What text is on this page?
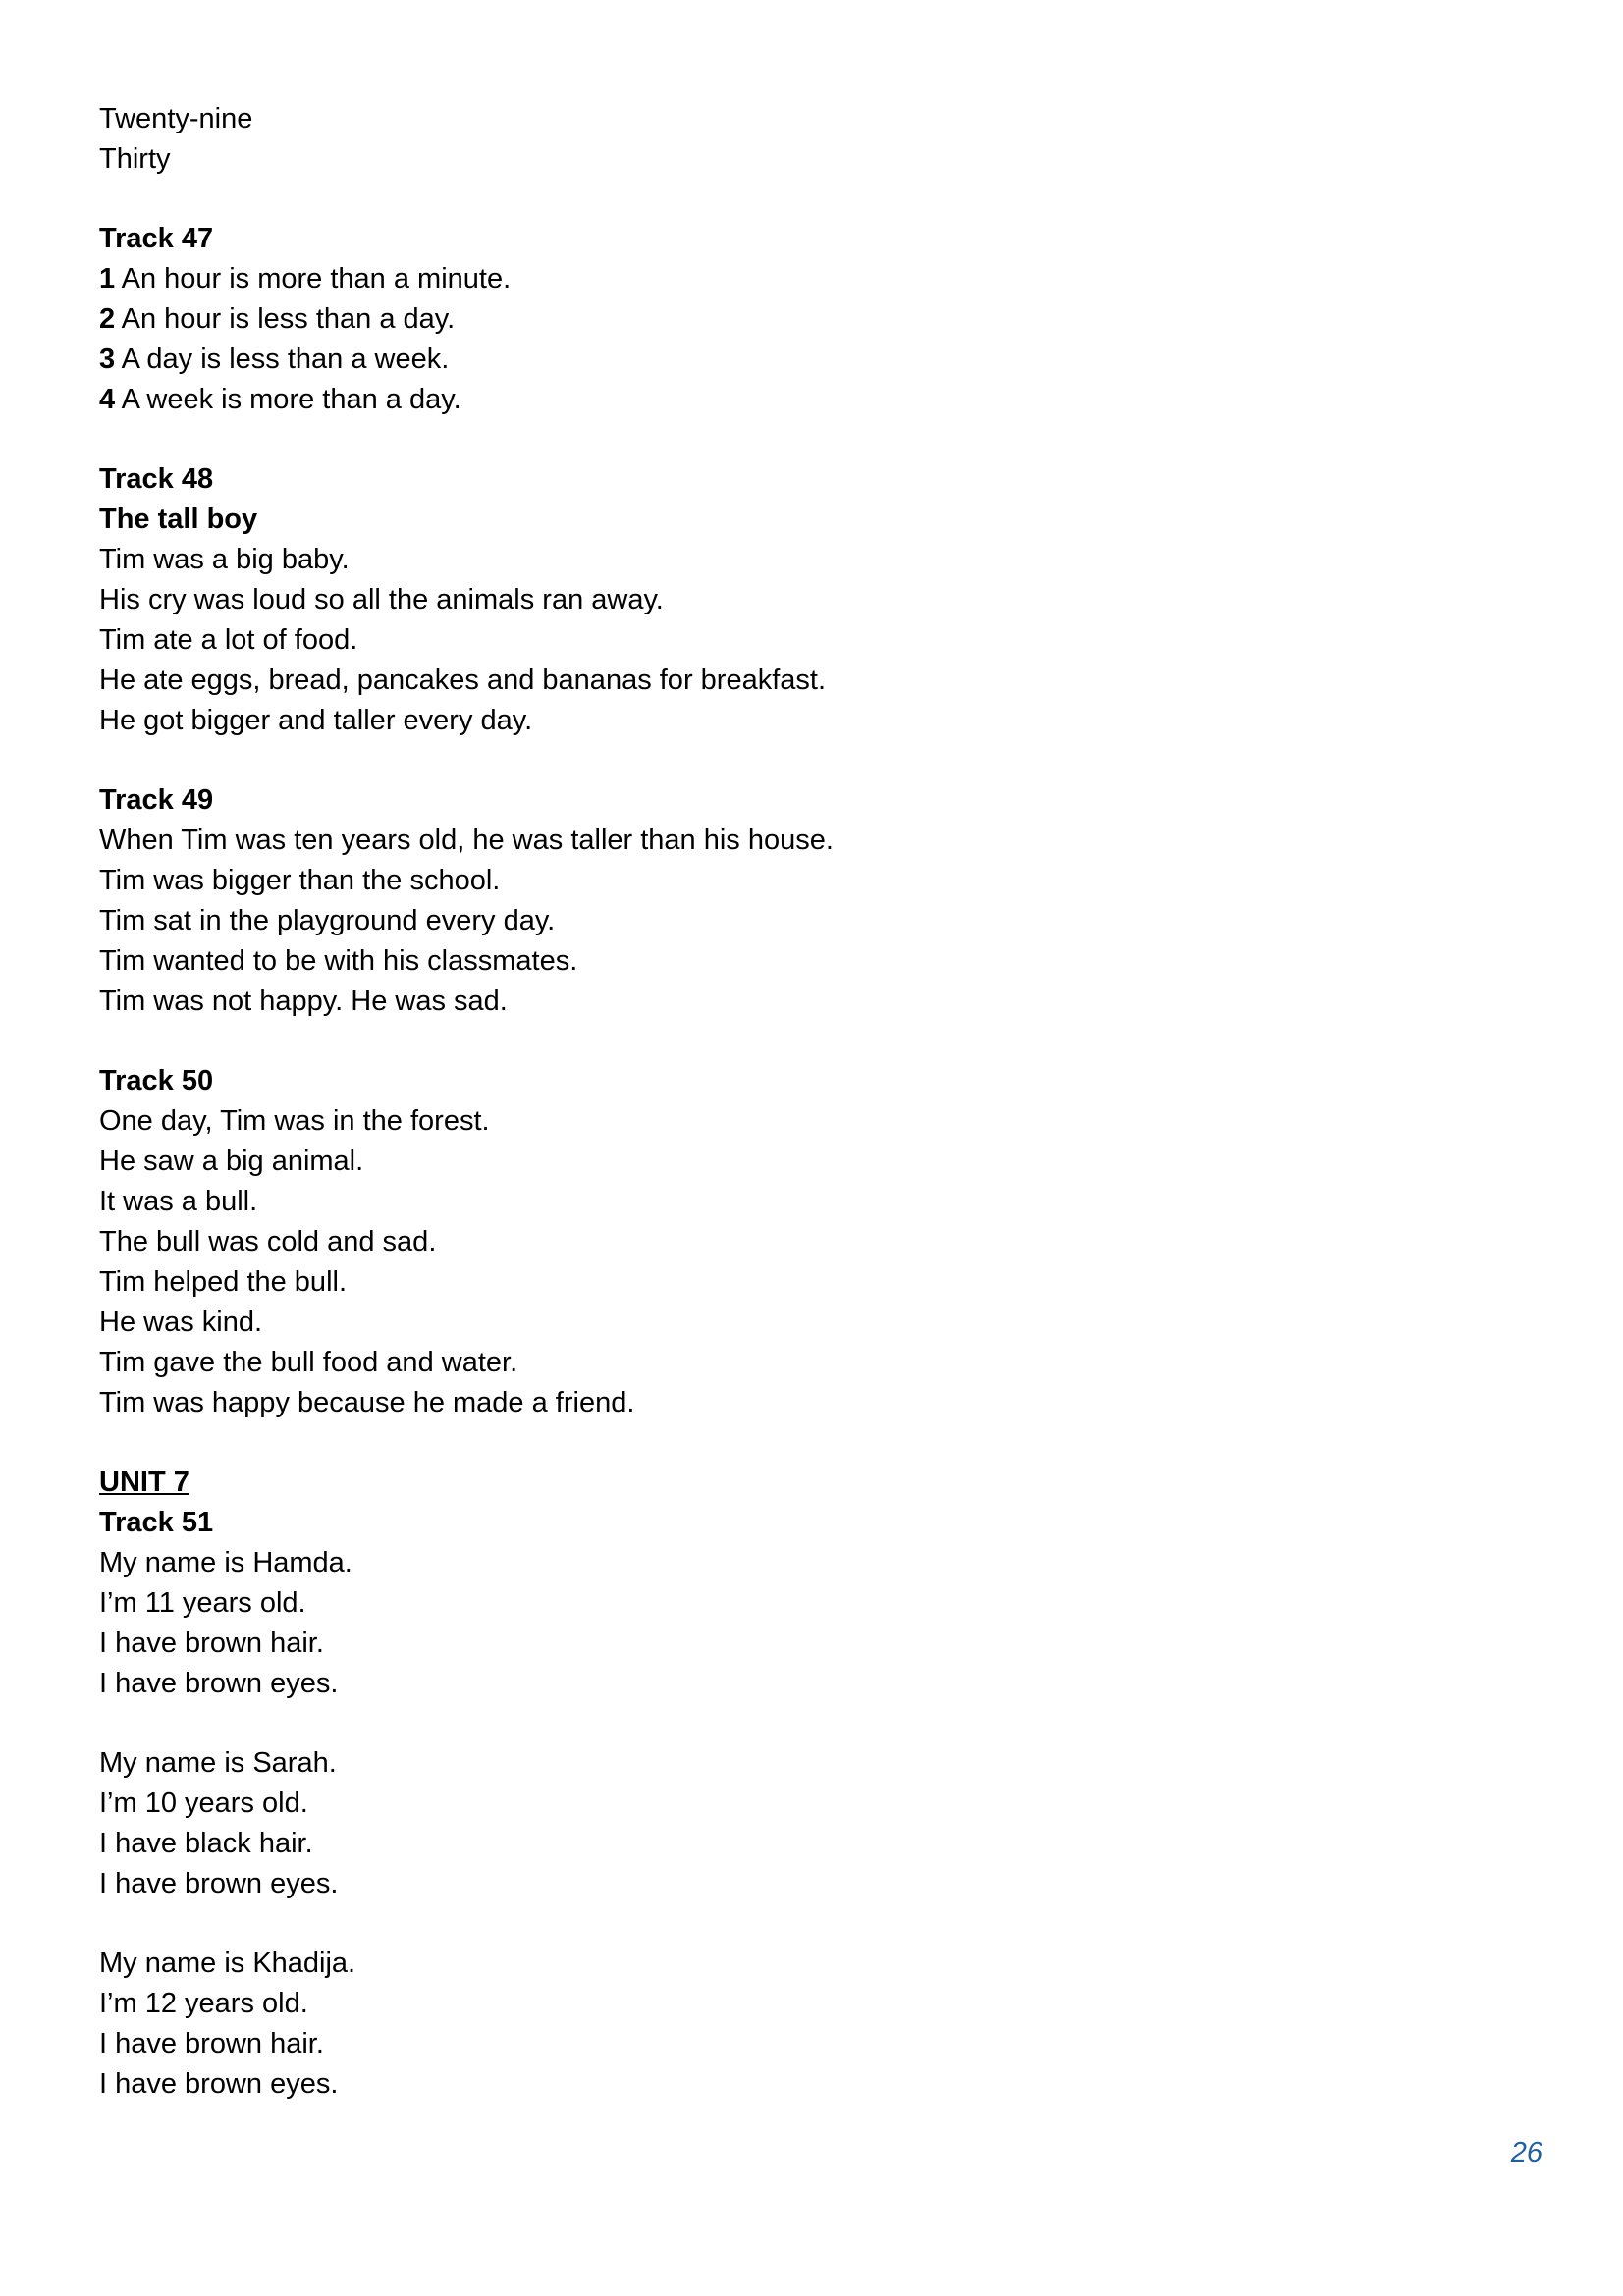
Twenty-nine
Thirty
Track 47
1 An hour is more than a minute.
2 An hour is less than a day.
3 A day is less than a week.
4 A week is more than a day.
Track 48
The tall boy
Tim was a big baby.
His cry was loud so all the animals ran away.
Tim ate a lot of food.
He ate eggs, bread, pancakes and bananas for breakfast.
He got bigger and taller every day.
Track 49
When Tim was ten years old, he was taller than his house.
Tim was bigger than the school.
Tim sat in the playground every day.
Tim wanted to be with his classmates.
Tim was not happy. He was sad.
Track 50
One day, Tim was in the forest.
He saw a big animal.
It was a bull.
The bull was cold and sad.
Tim helped the bull.
He was kind.
Tim gave the bull food and water.
Tim was happy because he made a friend.
UNIT 7
Track 51
My name is Hamda.
I’m 11 years old.
I have brown hair.
I have brown eyes.
My name is Sarah.
I’m 10 years old.
I have black hair.
I have brown eyes.
My name is Khadija.
I’m 12 years old.
I have brown hair.
I have brown eyes.
26
